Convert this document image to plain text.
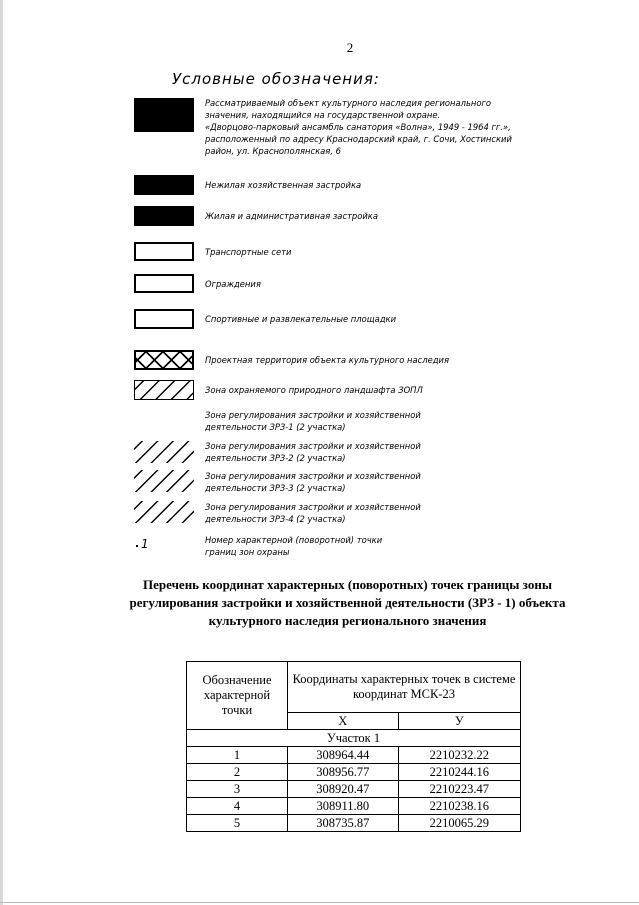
2
Условные обозначения:
1
Рассматриваемый объект культурного наследия регионального
значения, находящийся на государственной охране.
«Дворцово-парковый ансамбль санатория «Волна», 1949 - 1964 гг.»,
расположенный по адресу Краснодарский край, г. Сочи, Хостинский
район, ул. Краснополянская, 6
Нежилая хозяйственная застройка
Жилая и административная застройка
Транспортные сети
Ограждения
Спортивные и развлекательные площадки
Проектная территория объекта культурного наследия
Зона охраняемого природного ландшафта ЗОПЛ
Зона регулирования застройки и хозяйственной
деятельности ЗРЗ-1 (2 участка)
Зона регулирования застройки и хозяйственной
деятельности ЗРЗ-2 (2 участка)
Зона регулирования застройки и хозяйственной
деятельности ЗРЗ-3 (2 участка)
Зона регулирования застройки и хозяйственной
деятельности ЗРЗ-4 (2 участка)
Номер характерной (поворотной) точки
границ зон охраны
Перечень координат характерных (поворотных) точек границы зоны
регулирования застройки и хозяйственной деятельности (ЗРЗ - 1) объекта
культурного наследия регионального значения
Обозначение характерной точки	Координаты характерных точек в системе координат МСК-23	
	X	У
Участок 1		
1	308964.44	2210232.22
2	308956.77	2210244.16
3	308920.47	2210223.47
4	308911.80	2210238.16
5	308735.87	2210065.29
